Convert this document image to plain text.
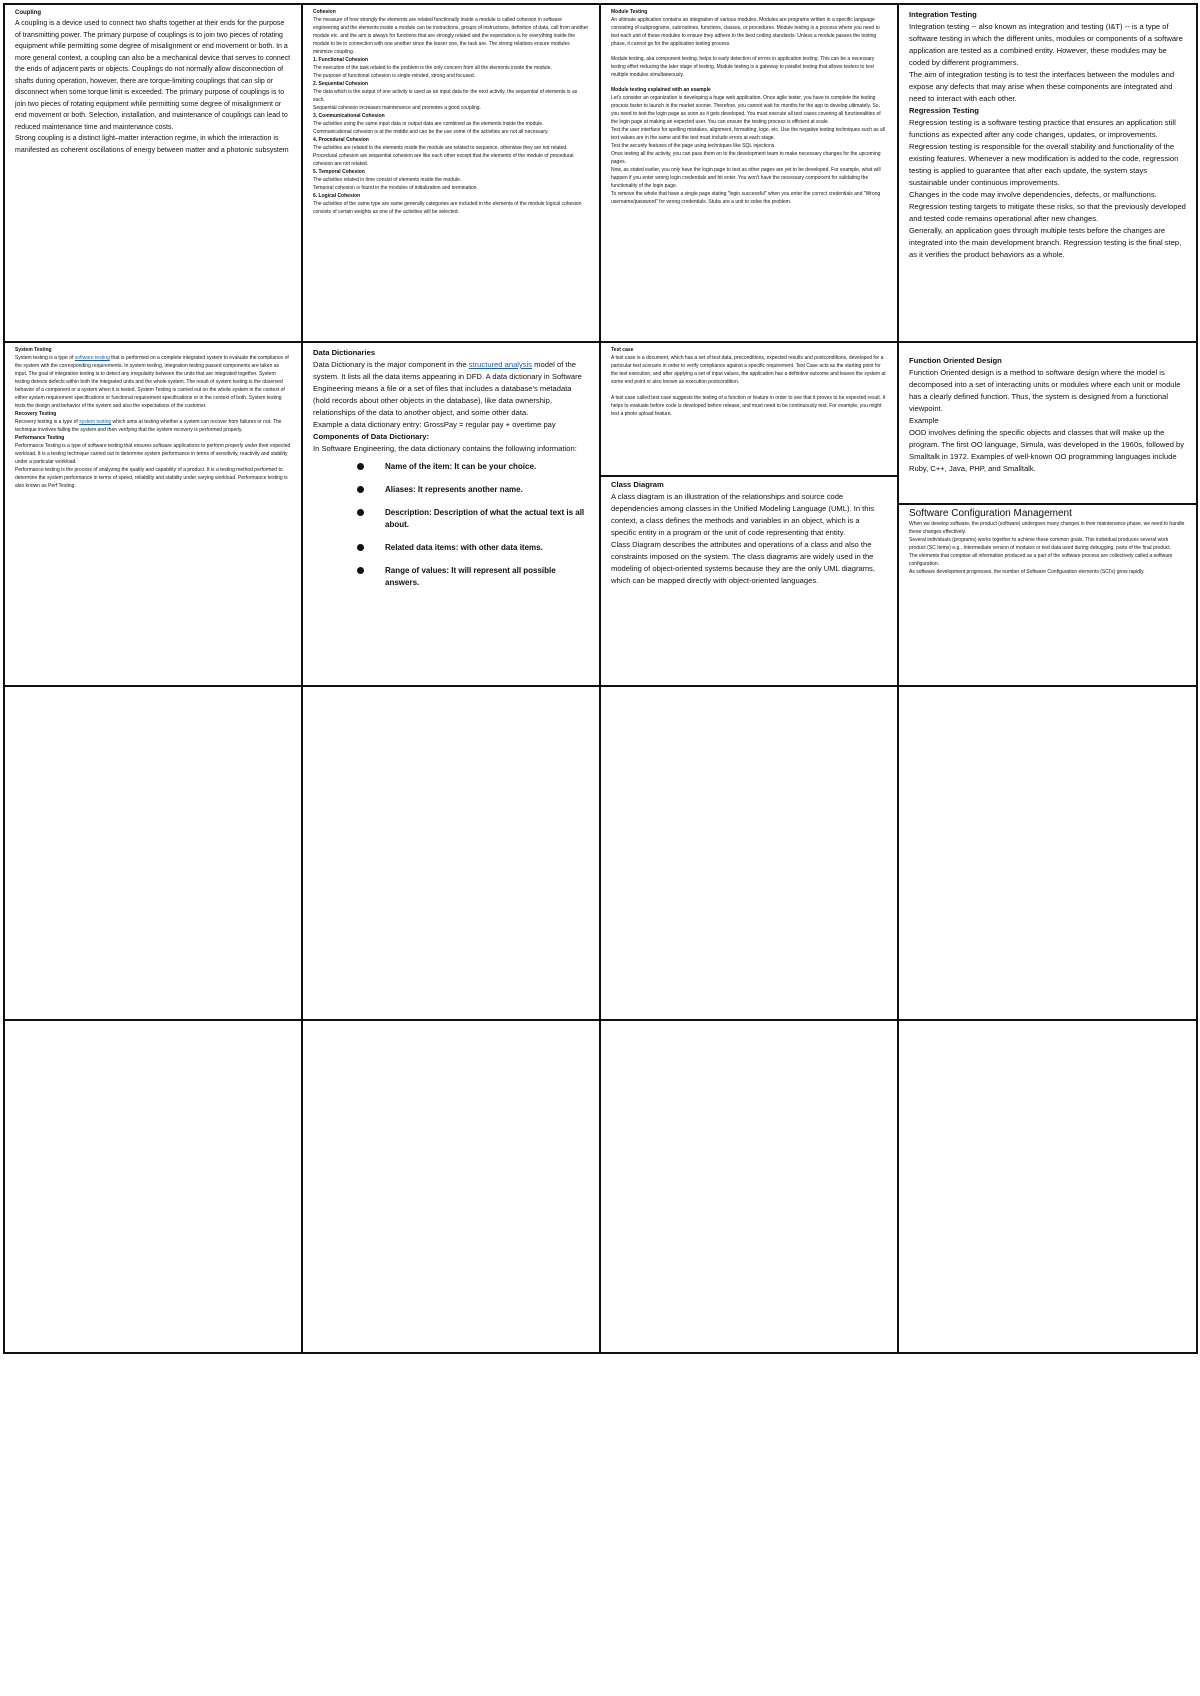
Coupling

A coupling is a device used to connect two shafts together at their ends for the purpose of transmitting power. The primary purpose of couplings is to join two pieces of rotating equipment while permitting some degree of misalignment or end movement or both. In a more general context, a coupling can also be a mechanical device that serves to connect the ends of adjacent parts or objects. Couplings do not normally allow disconnection of shafts during operation, however, there are torque-limiting couplings that can slip or disconnect when some torque limit is exceeded. The primary purpose of couplings is to join two pieces of rotating equipment while permitting some degree of misalignment or end movement or both. Selection, installation, and maintenance of couplings can lead to reduced maintenance time and maintenance costs.

Strong coupling is a distinct light–matter interaction regime, in which the interaction is manifested as coherent oscillations of energy between matter and a photonic subsystem

Cohesion

The measure of how strongly the elements are related functionally inside a module is called cohesion in software engineering and the elements inside a module can be instructions, groups of instructions, definition of data, call from another module etc. and the aim is always for functions that are strongly related and the expectation is for everything inside the module to be in connection with one another since the lesser one, the task are. The strong relations ensure modules minimize coupling.

1. Functional Cohesion

The execution of the task related to the problem is the only concern from all the elements inside the module.

The purpose of functional cohesion is single-minded, strong and focused.

2. Sequential Cohesion

The data which is the output of one activity is used as an input data for the next activity, the sequential of elements is as such.

Sequential cohesion increases maintenance and promotes a good coupling.

3. Communicational Cohesion

The activities using the same input data or output data are combined as the elements inside the module.

Communicational cohesion is at the middle and can be the use some of the activities are not all necessary.

4. Procedural Cohesion

The activities are related to the elements inside the module are related to sequence, otherwise they are not related.

Procedural cohesion are sequential cohesion are like each other except that the elements of the module of procedural cohesion are not related.

5. Temporal Cohesion

The activities related in time consist of elements inside the module.

Temporal cohesion is found in the modules of initialization and termination.

6. Logical Cohesion

The activities of the same type are same generally categories are included in the elements of the module logical cohesion consists of certain weights as one of the activities will be selected.

Module Testing

An ultimate application contains an integration of various modules. Modules are programs written in a specific language consisting of subprograms, subroutines, functions, classes, or procedures. Module testing is a process where you need to test each unit of these modules to ensure they adhere to the best coding standards. Unless a module passes the testing phase, it cannot go for the application testing process.

Module testing, aka component testing, helps to early detection of errors in application testing. This can be a necessary testing effort reducing the later stage of testing. Module testing is a gateway to parallel testing that allows testers to test multiple modules simultaneously.

Module testing explained with an example

Let's consider an organization is developing a huge web application. Once agile tester, you have to complete the testing process faster to launch in the market sooner. Therefore, you cannot wait for months for the app to develop ultimately. So, you need to test the login page as soon as it gets developed. You must execute all test cases covering all functionalities of the login page at making an expected user. You can ensure the testing process is efficient at scale.

Test the user interface for spelling mistakes, alignment, formatting, logo, etc. Use the negative testing techniques such as all text values are in the same and the test must include errors at each stage.

Test the security features of the page using techniques like SQL injections.

Once testing all the activity, you can pass them on to the development team to make necessary changes for the upcoming pages.

Now, as stated earlier, you only have the login page to test as other pages are yet to be developed. For example, what will happen if you enter wrong login credentials and hit enter. You won't have the necessary component for validating the functionality of the login page.

To remove the whole that have a single page stating "login successful" when you enter the correct credentials and "Wrong username/password" for wrong credentials. Stubs are a unit to solve the problem.

Integration Testing

Integration testing -- also known as integration and testing (I&T) -- is a type of software testing in which the different units, modules or components of a software application are tested as a combined entity. However, these modules may be coded by different programmers.

The aim of integration testing is to test the interfaces between the modules and expose any defects that may arise when these components are integrated and need to interact with each other.

Regression Testing

Regression testing is a software testing practice that ensures an application still functions as expected after any code changes, updates, or improvements.

Regression testing is responsible for the overall stability and functionality of the existing features. Whenever a new modification is added to the code, regression testing is applied to guarantee that after each update, the system stays sustainable under continuous improvements.

Changes in the code may involve dependencies, defects, or malfunctions. Regression testing targets to mitigate these risks, so that the previously developed and tested code remains operational after new changes.

Generally, an application goes through multiple tests before the changes are integrated into the main development branch. Regression testing is the final step, as it verifies the product behaviors as a whole.

System Testing

System testing is a type of software testing that is performed on a complete integrated system to evaluate the compliance of the system with the corresponding requirements. In system testing, integration testing passed components are taken as input. The goal of integration testing is to detect any irregularity between the units that are integrated together. System testing detects defects within both the integrated units and the whole system. The result of system testing is the observed behavior of a component or a system when it is tested. System Testing is carried out on the whole system in the context of either system requirement specifications or functional requirement specifications or in the context of both. System testing tests the design and behavior of the system and also the expectations of the customer.

Recovery Testing

Recovery testing is a type of system testing which aims at testing whether a system can recover from failures or not. The technique involves failing the system and then verifying that the system recovery is performed properly.

Performance Testing

Performance Testing is a type of software testing that ensures software applications to perform properly under their expected workload. It is a testing technique carried out to determine system performance in terms of sensitivity, reactivity and stability under a particular workload.

Performance testing is the process of analyzing the quality and capability of a product. It is a testing method performed to determine the system performance in terms of speed, reliability and stability under varying workload. Performance testing is also known as Perf Testing.

Data Dictionaries

Data Dictionary is the major component in the structured analysis model of the system. It lists all the data items appearing in DFD. A data dictionary in Software Engineering means a file or a set of files that includes a database's metadata (hold records about other objects in the database), like data ownership, relationships of the data to another object, and some other data.

Example a data dictionary entry: GrossPay = regular pay + overtime pay

Components of Data Dictionary:

In Software Engineering, the data dictionary contains the following information:

Name of the item: It can be your choice.
Aliases: It represents another name.
Description: Description of what the actual text is all about.
Related data items: with other data items.
Range of values: It will represent all possible answers.

Test case

A test case is a document, which has a set of test data, preconditions, expected results and postconditions, developed for a particular test scenario in order to verify compliance against a specific requirement. Test Case acts as the starting point for the test execution, and after applying a set of input values, the application has a definitive outcome and leaves the system at some end point or also known as execution postcondition.

A test case called test case suggests the testing of a function or feature in order to see that it proves to be expected result. It helps to evaluate before code is developed before release, and must need to be continuously test. For example, you might test a photo upload feature.

Class Diagram

A class diagram is an illustration of the relationships and source code dependencies among classes in the Unified Modeling Language (UML). In this context, a class defines the methods and variables in an object, which is a specific entity in a program or the unit of code representing that entity.

Class Diagram describes the attributes and operations of a class and also the constraints imposed on the system. The class diagrams are widely used in the modeling of object-oriented systems because they are the only UML diagrams, which can be mapped directly with object-oriented languages.

Function Oriented Design

Function Oriented design is a method to software design where the model is decomposed into a set of interacting units or modules where each unit or module has a clearly defined function. Thus, the system is designed from a functional viewpoint.

Example

OOD involves defining the specific objects and classes that will make up the program. The first OO language, Simula, was developed in the 1960s, followed by Smalltalk in 1972. Examples of well-known OO programming languages include Ruby, C++, Java, PHP, and Smalltalk.

Software Configuration Management

When we develop software, the product (software) undergoes many changes in their maintenance phase, we need to handle these changes effectively.

Several individuals (programs) works together to achieve these common goals. This individual produces several work product (SC Items) e.g., Intermediate version of modules or test data used during debugging, parts of the final product.

The elements that comprise all information produced as a part of the software process are collectively called a software configuration.

As software development progresses, the number of Software Configuration elements (SCI's) grow rapidly.
